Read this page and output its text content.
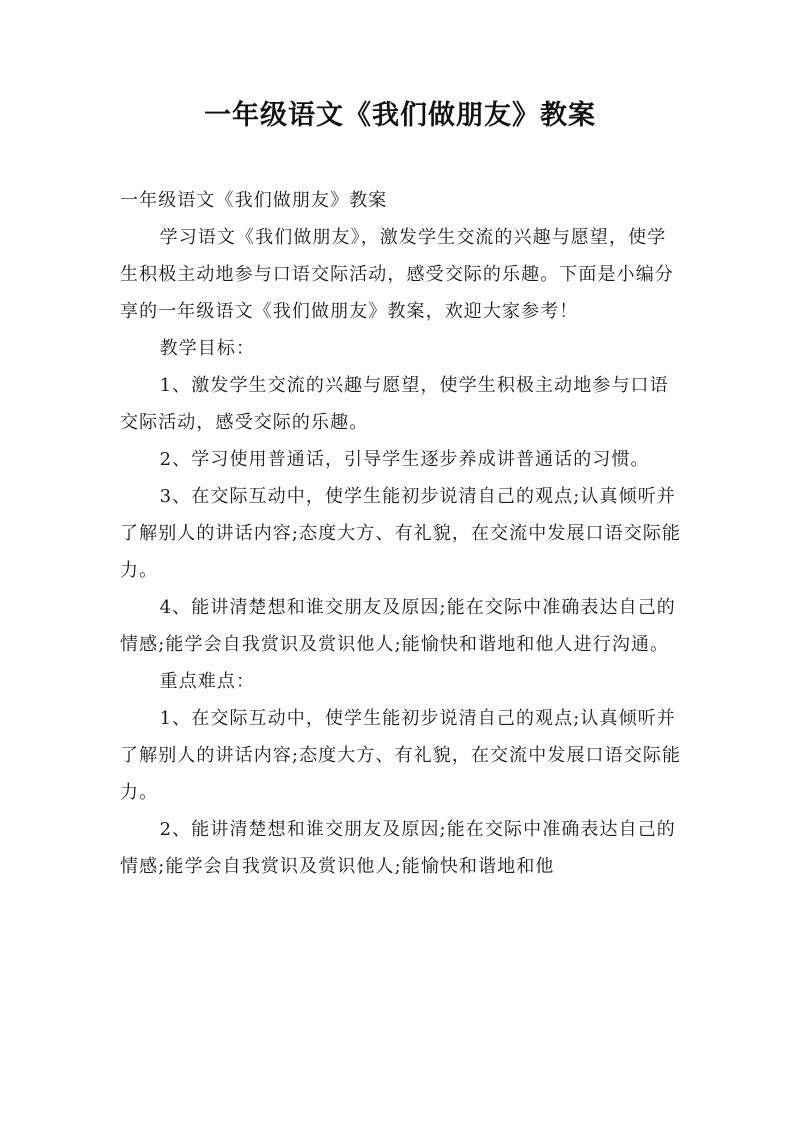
一年级语文《我们做朋友》教案

一年级语文《我们做朋友》教案

学习语文《我们做朋友》，激发学生交流的兴趣与愿望，使学生积极主动地参与口语交际活动，感受交际的乐趣。下面是小编分享的一年级语文《我们做朋友》教案，欢迎大家参考！

教学目标：

1、激发学生交流的兴趣与愿望，使学生积极主动地参与口语交际活动，感受交际的乐趣。

2、学习使用普通话，引导学生逐步养成讲普通话的习惯。

3、在交际互动中，使学生能初步说清自己的观点;认真倾听并了解别人的讲话内容;态度大方、有礼貌，在交流中发展口语交际能力。

4、能讲清楚想和谁交朋友及原因;能在交际中准确表达自己的情感;能学会自我赏识及赏识他人;能愉快和谐地和他人进行沟通。

重点难点：

1、在交际互动中，使学生能初步说清自己的观点;认真倾听并了解别人的讲话内容;态度大方、有礼貌，在交流中发展口语交际能力。

2、能讲清楚想和谁交朋友及原因;能在交际中准确表达自己的情感;能学会自我赏识及赏识他人;能愉快和谐地和他
